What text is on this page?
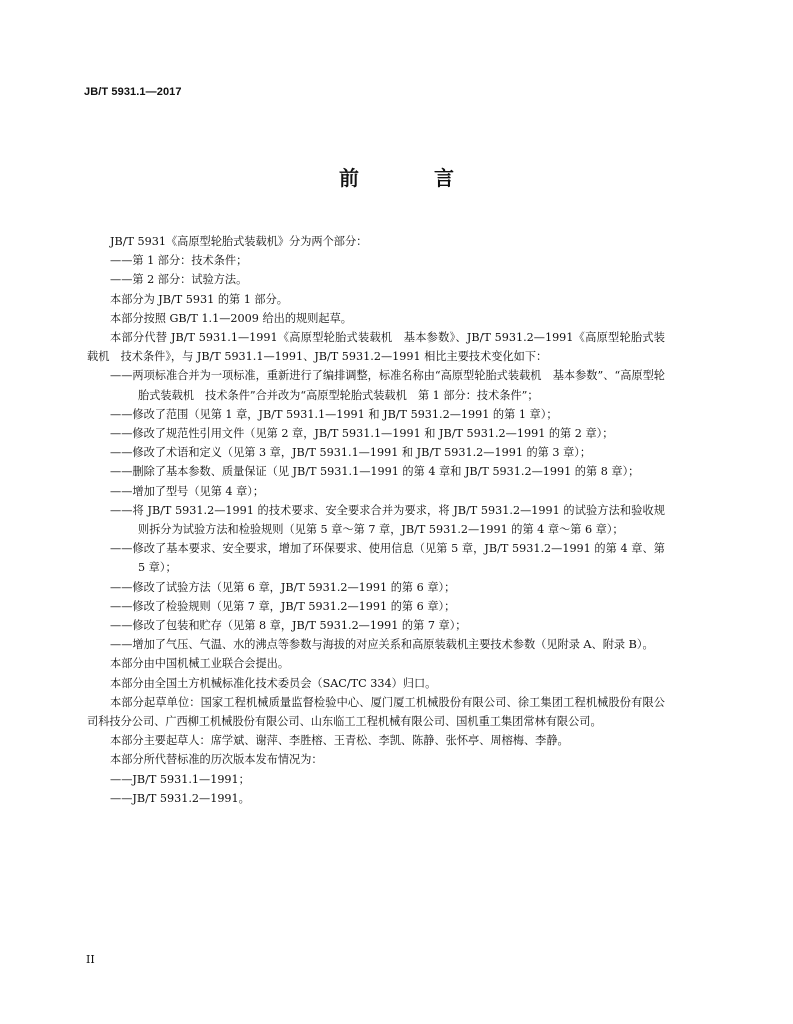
JB/T 5931.1—2017
前 言

JB/T 5931《高原型轮胎式装载机》分为两个部分：

——第 1 部分：技术条件；

——第 2 部分：试验方法。

本部分为 JB/T 5931 的第 1 部分。

本部分按照 GB/T 1.1—2009 给出的规则起草。

本部分代替 JB/T 5931.1—1991《高原型轮胎式装载机　基本参数》、JB/T 5931.2—1991《高原型轮胎式装载机　技术条件》，与 JB/T 5931.1—1991、JB/T 5931.2—1991 相比主要技术变化如下：

——两项标准合并为一项标准，重新进行了编排调整，标准名称由“高原型轮胎式装载机　基本参数”、“高原型轮胎式装载机　技术条件”合并改为“高原型轮胎式装载机　第 1 部分：技术条件”；

——修改了范围（见第 1 章，JB/T 5931.1—1991 和 JB/T 5931.2—1991 的第 1 章）；

——修改了规范性引用文件（见第 2 章，JB/T 5931.1—1991 和 JB/T 5931.2—1991 的第 2 章）；

——修改了术语和定义（见第 3 章，JB/T 5931.1—1991 和 JB/T 5931.2—1991 的第 3 章）；

——删除了基本参数、质量保证（见 JB/T 5931.1—1991 的第 4 章和 JB/T 5931.2—1991 的第 8 章）；

——增加了型号（见第 4 章）；

——将 JB/T 5931.2—1991 的技术要求、安全要求合并为要求，将 JB/T 5931.2—1991 的试验方法和验收规则拆分为试验方法和检验规则（见第 5 章～第 7 章，JB/T 5931.2—1991 的第 4 章～第 6 章）；

——修改了基本要求、安全要求，增加了环保要求、使用信息（见第 5 章，JB/T 5931.2—1991 的第 4 章、第 5 章）；

——修改了试验方法（见第 6 章，JB/T 5931.2—1991 的第 6 章）；

——修改了检验规则（见第 7 章，JB/T 5931.2—1991 的第 6 章）；

——修改了包装和贮存（见第 8 章，JB/T 5931.2—1991 的第 7 章）；

——增加了气压、气温、水的沸点等参数与海拔的对应关系和高原装载机主要技术参数（见附录 A、附录 B）。

本部分由中国机械工业联合会提出。

本部分由全国土方机械标准化技术委员会（SAC/TC 334）归口。

本部分起草单位：国家工程机械质量监督检验中心、厦门厦工机械股份有限公司、徐工集团工程机械股份有限公司科技分公司、广西柳工机械股份有限公司、山东临工工程机械有限公司、国机重工集团常林有限公司。

本部分主要起草人：席学斌、谢萍、李胜榕、王青松、李凯、陈静、张怀亭、周榕梅、李静。

本部分所代替标准的历次版本发布情况为：

——JB/T 5931.1—1991；

——JB/T 5931.2—1991。

II
